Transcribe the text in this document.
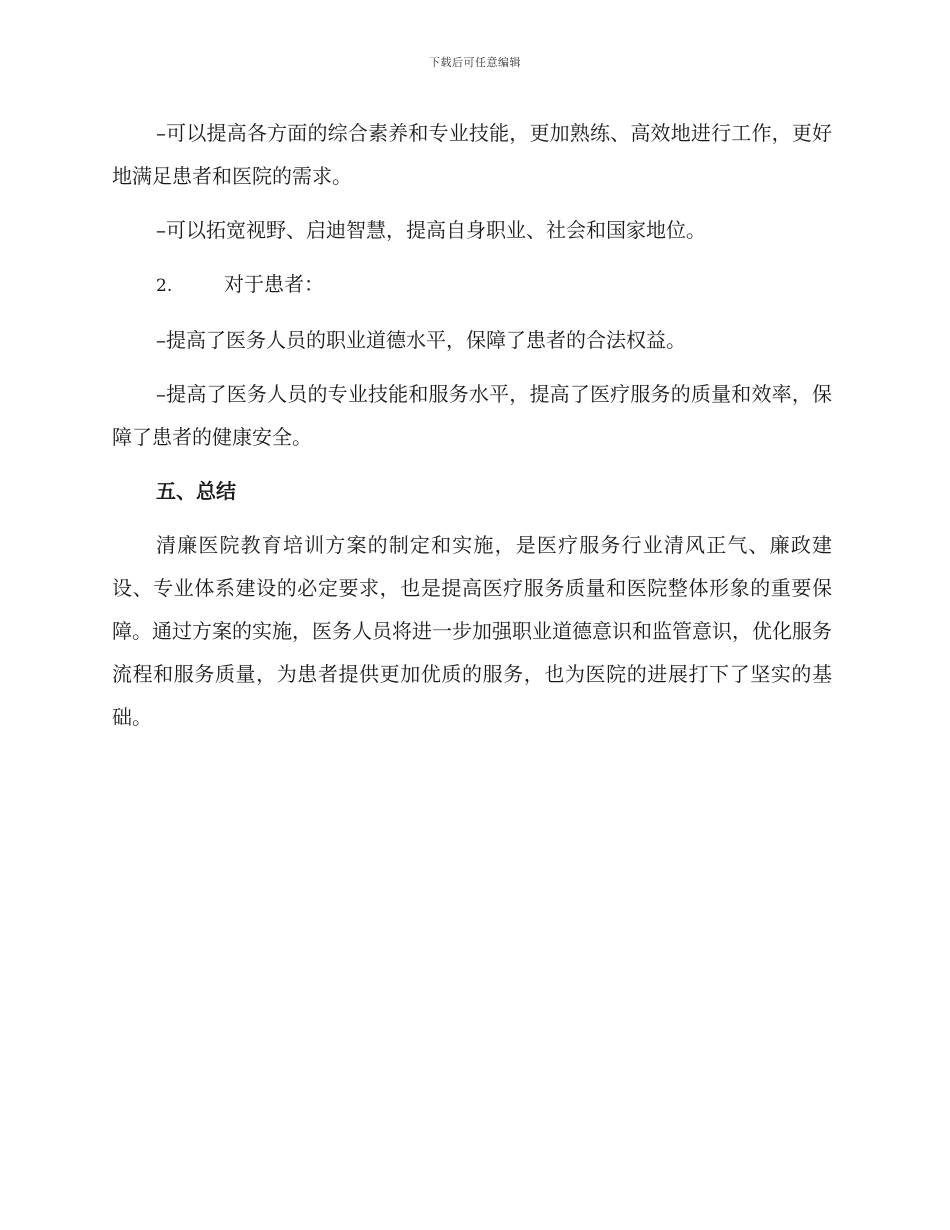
下载后可任意编辑

–可以提高各方面的综合素养和专业技能，更加熟练、高效地进行工作，更好地满足患者和医院的需求。

–可以拓宽视野、启迪智慧，提高自身职业、社会和国家地位。

2.	对于患者：

–提高了医务人员的职业道德水平，保障了患者的合法权益。

–提高了医务人员的专业技能和服务水平，提高了医疗服务的质量和效率，保障了患者的健康安全。

五、总结

清廉医院教育培训方案的制定和实施，是医疗服务行业清风正气、廉政建设、专业体系建设的必定要求，也是提高医疗服务质量和医院整体形象的重要保障。通过方案的实施，医务人员将进一步加强职业道德意识和监管意识，优化服务流程和服务质量，为患者提供更加优质的服务，也为医院的进展打下了坚实的基础。
